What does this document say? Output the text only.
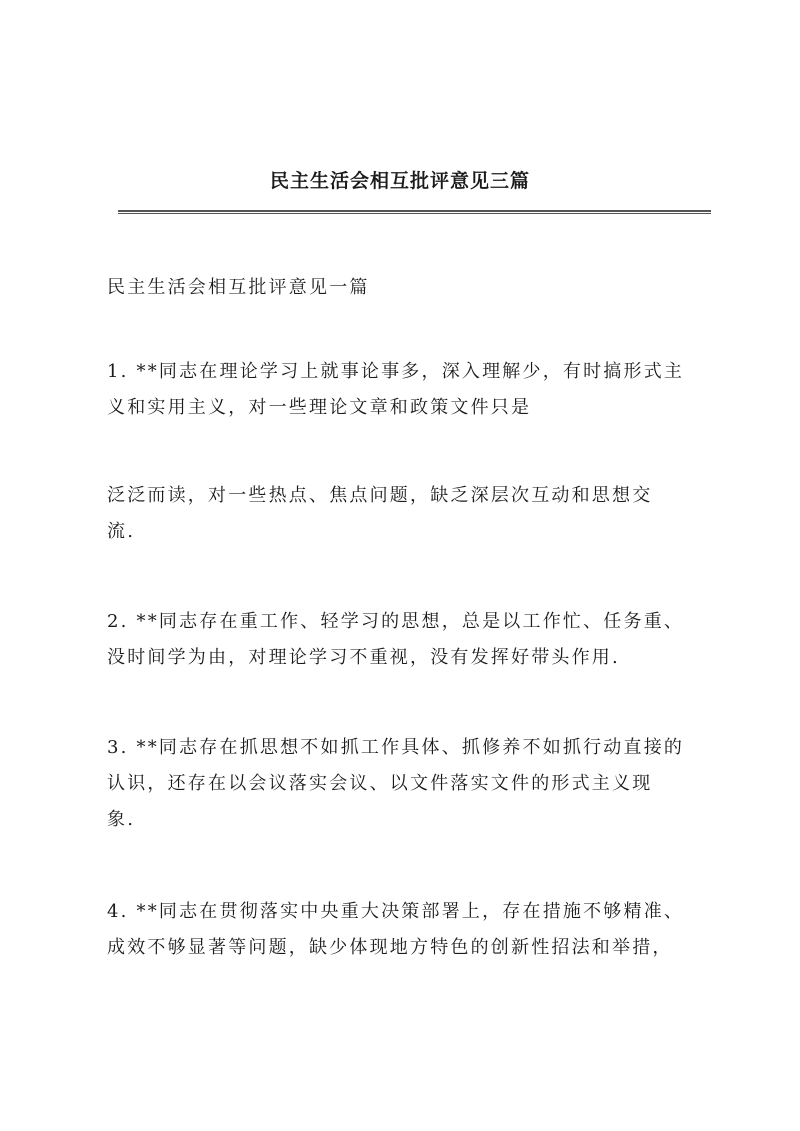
民主生活会相互批评意见三篇

民主生活会相互批评意见一篇

1. **同志在理论学习上就事论事多，深入理解少，有时搞形式主
义和实用主义，对一些理论文章和政策文件只是

泛泛而读，对一些热点、焦点问题，缺乏深层次互动和思想交
流.

2. **同志存在重工作、轻学习的思想，总是以工作忙、任务重、
没时间学为由，对理论学习不重视，没有发挥好带头作用.

3. **同志存在抓思想不如抓工作具体、抓修养不如抓行动直接的
认识，还存在以会议落实会议、以文件落实文件的形式主义现
象.

4. **同志在贯彻落实中央重大决策部署上，存在措施不够精准、
成效不够显著等问题，缺少体现地方特色的创新性招法和举措，
